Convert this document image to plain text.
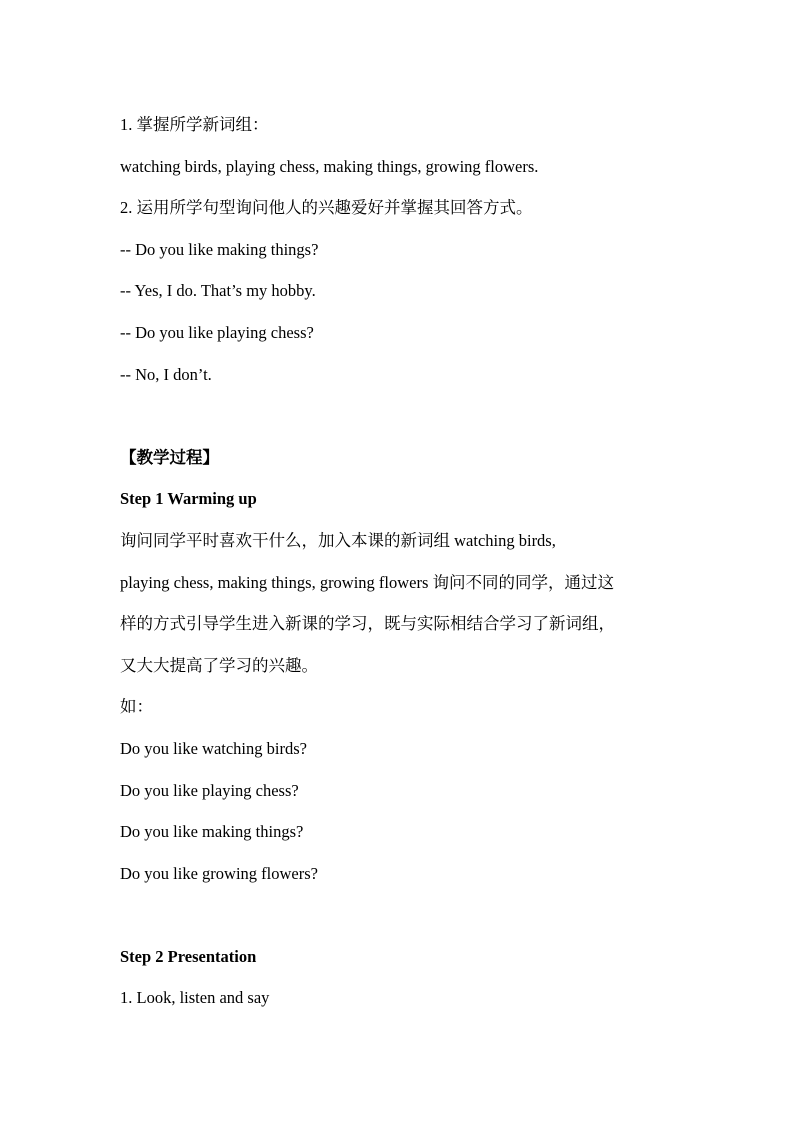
1. 掌握所学新词组：
watching birds, playing chess, making things, growing flowers.
2. 运用所学句型询问他人的兴趣爱好并掌握其回答方式。
-- Do you like making things?
-- Yes, I do. That’s my hobby.
-- Do you like playing chess?
-- No, I don’t.
【教学过程】
Step 1 Warming up
询问同学平时喜欢干什么，加入本课的新词组 watching birds,
playing chess, making things, growing flowers 询问不同的同学，通过这
样的方式引导学生进入新课的学习，既与实际相结合学习了新词组，
又大大提高了学习的兴趣。
如：
Do you like watching birds?
Do you like playing chess?
Do you like making things?
Do you like growing flowers?
Step 2 Presentation
1. Look, listen and say
